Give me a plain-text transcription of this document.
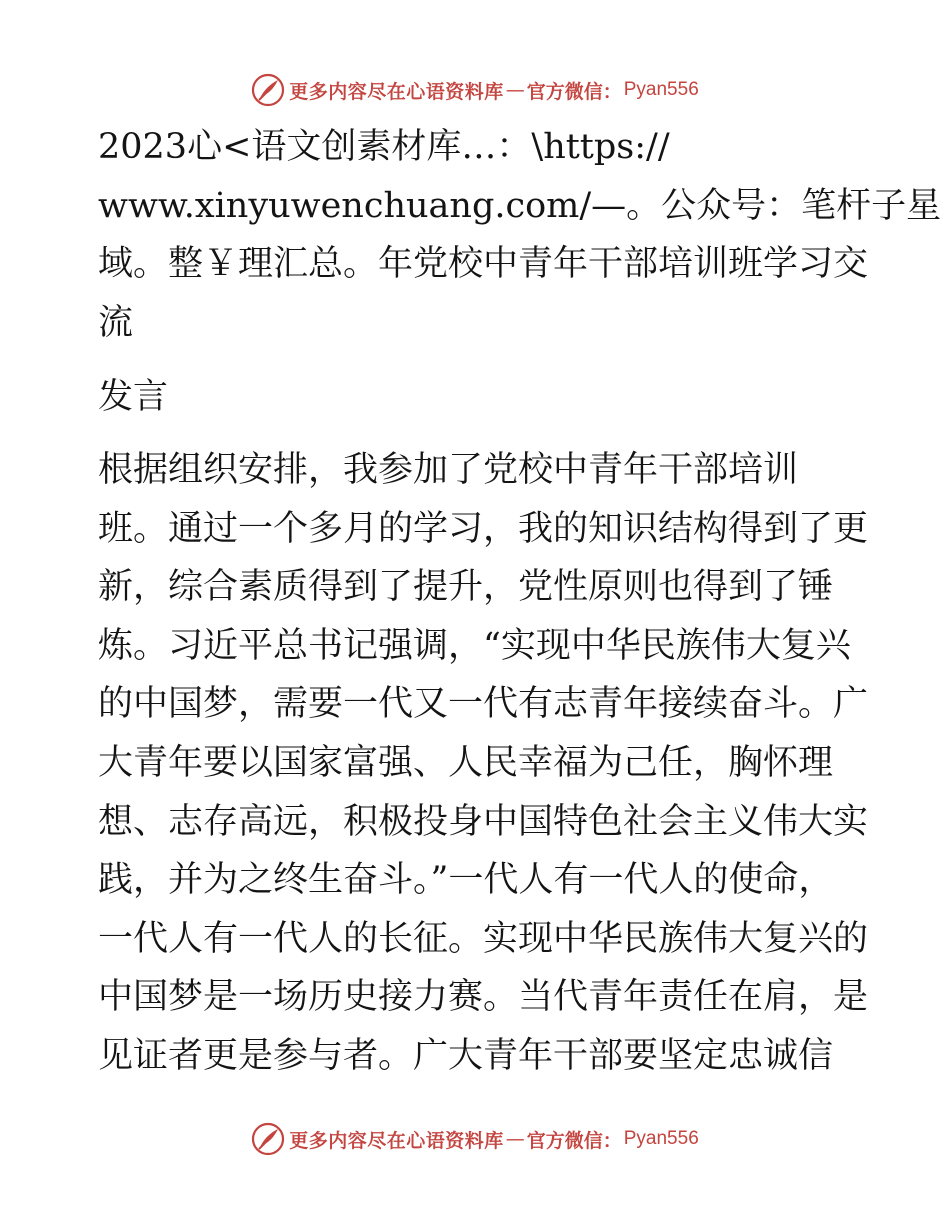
更多内容尽在心语资料库 — 官方微信： Pyan556

2023心<语文创素材库…：\https://
www.xinyuwenchuang.com/—。公众号：笔杆子星
域。整￥理汇总。年党校中青年干部培训班学习交
流

发言

根据组织安排，我参加了党校中青年干部培训
班。通过一个多月的学习，我的知识结构得到了更
新，综合素质得到了提升，党性原则也得到了锤
炼。习近平总书记强调，“实现中华民族伟大复兴
的中国梦，需要一代又一代有志青年接续奋斗。广
大青年要以国家富强、人民幸福为己任，胸怀理
想、志存高远，积极投身中国特色社会主义伟大实
践，并为之终生奋斗。”一代人有一代人的使命，
一代人有一代人的长征。实现中华民族伟大复兴的
中国梦是一场历史接力赛。当代青年责任在肩，是
见证者更是参与者。广大青年干部要坚定忠诚信

更多内容尽在心语资料库 — 官方微信： Pyan556
